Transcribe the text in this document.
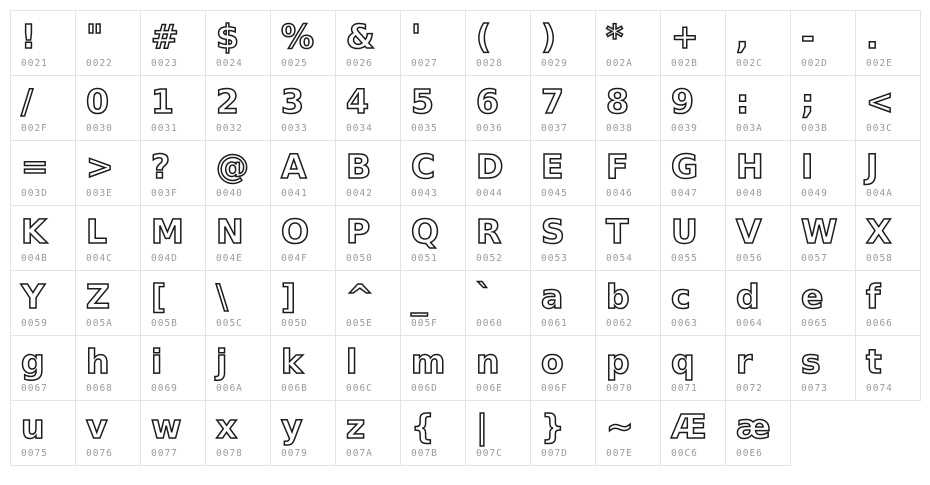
!
0021
"
0022
#
0023
$
0024
%
0025
&
0026
'
0027
(
0028
)
0029
*
002A
+
002B
,
002C
-
002D
.
002E
/
002F
0
0030
1
0031
2
0032
3
0033
4
0034
5
0035
6
0036
7
0037
8
0038
9
0039
:
003A
;
003B
<
003C
=
003D
>
003E
?
003F
@
0040
A
0041
B
0042
C
0043
D
0044
E
0045
F
0046
G
0047
H
0048
I
0049
J
004A
K
004B
L
004C
M
004D
N
004E
O
004F
P
0050
Q
0051
R
0052
S
0053
T
0054
U
0055
V
0056
W
0057
X
0058
Y
0059
Z
005A
[
005B
\
005C
]
005D
^
005E
_
005F
`
0060
a
0061
b
0062
c
0063
d
0064
e
0065
f
0066
g
0067
h
0068
i
0069
j
006A
k
006B
l
006C
m
006D
n
006E
o
006F
p
0070
q
0071
r
0072
s
0073
t
0074
u
0075
v
0076
w
0077
x
0078
y
0079
z
007A
{
007B
|
007C
}
007D
~
007E
Æ
00C6
æ
00E6
